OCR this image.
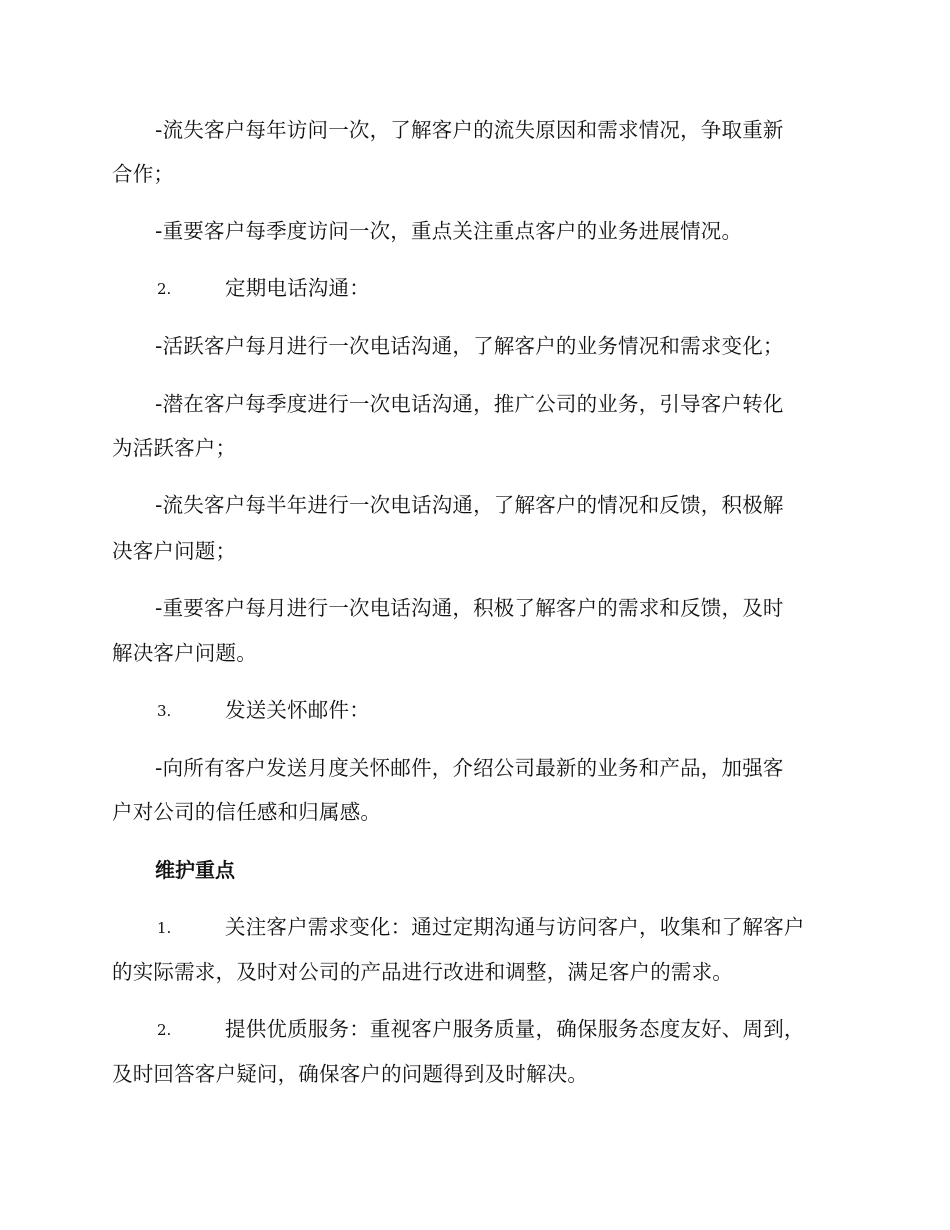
-流失客户每年访问一次，了解客户的流失原因和需求情况，争取重新
合作；
-重要客户每季度访问一次，重点关注重点客户的业务进展情况。
2.	定期电话沟通：
-活跃客户每月进行一次电话沟通，了解客户的业务情况和需求变化；
-潜在客户每季度进行一次电话沟通，推广公司的业务，引导客户转化
为活跃客户；
-流失客户每半年进行一次电话沟通，了解客户的情况和反馈，积极解
决客户问题；
-重要客户每月进行一次电话沟通，积极了解客户的需求和反馈，及时
解决客户问题。
3.	发送关怀邮件：
-向所有客户发送月度关怀邮件，介绍公司最新的业务和产品，加强客
户对公司的信任感和归属感。
维护重点
1.	关注客户需求变化：通过定期沟通与访问客户，收集和了解客户
的实际需求，及时对公司的产品进行改进和调整，满足客户的需求。
2.	提供优质服务：重视客户服务质量，确保服务态度友好、周到，
及时回答客户疑问，确保客户的问题得到及时解决。
